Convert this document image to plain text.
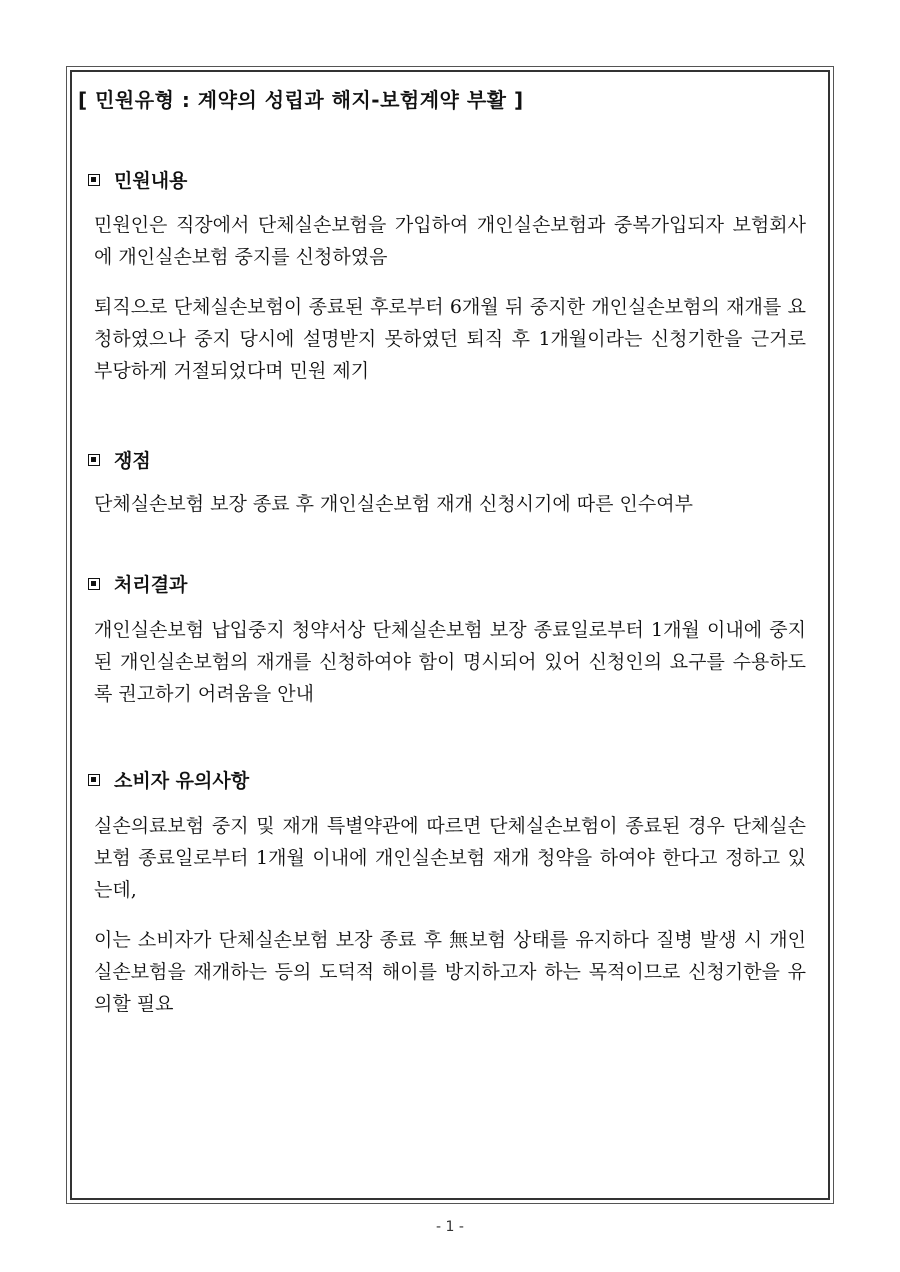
[ 민원유형 : 계약의 성립과 해지-보험계약 부활 ]
민원내용
민원인은 직장에서 단체실손보험을 가입하여 개인실손보험과 중복가입되자 보험회사에 개인실손보험 중지를 신청하였음
퇴직으로 단체실손보험이 종료된 후로부터 6개월 뒤 중지한 개인실손보험의 재개를 요청하였으나 중지 당시에 설명받지 못하였던 퇴직 후 1개월이라는 신청기한을 근거로 부당하게 거절되었다며 민원 제기
쟁점
단체실손보험 보장 종료 후 개인실손보험 재개 신청시기에 따른 인수여부
처리결과
개인실손보험 납입중지 청약서상 단체실손보험 보장 종료일로부터 1개월 이내에 중지된 개인실손보험의 재개를 신청하여야 함이 명시되어 있어 신청인의 요구를 수용하도록 권고하기 어려움을 안내
소비자 유의사항
실손의료보험 중지 및 재개 특별약관에 따르면 단체실손보험이 종료된 경우 단체실손보험 종료일로부터 1개월 이내에 개인실손보험 재개 청약을 하여야 한다고 정하고 있는데,
이는 소비자가 단체실손보험 보장 종료 후 無보험 상태를 유지하다 질병 발생 시 개인실손보험을 재개하는 등의 도덕적 해이를 방지하고자 하는 목적이므로 신청기한을 유의할 필요
- 1 -
